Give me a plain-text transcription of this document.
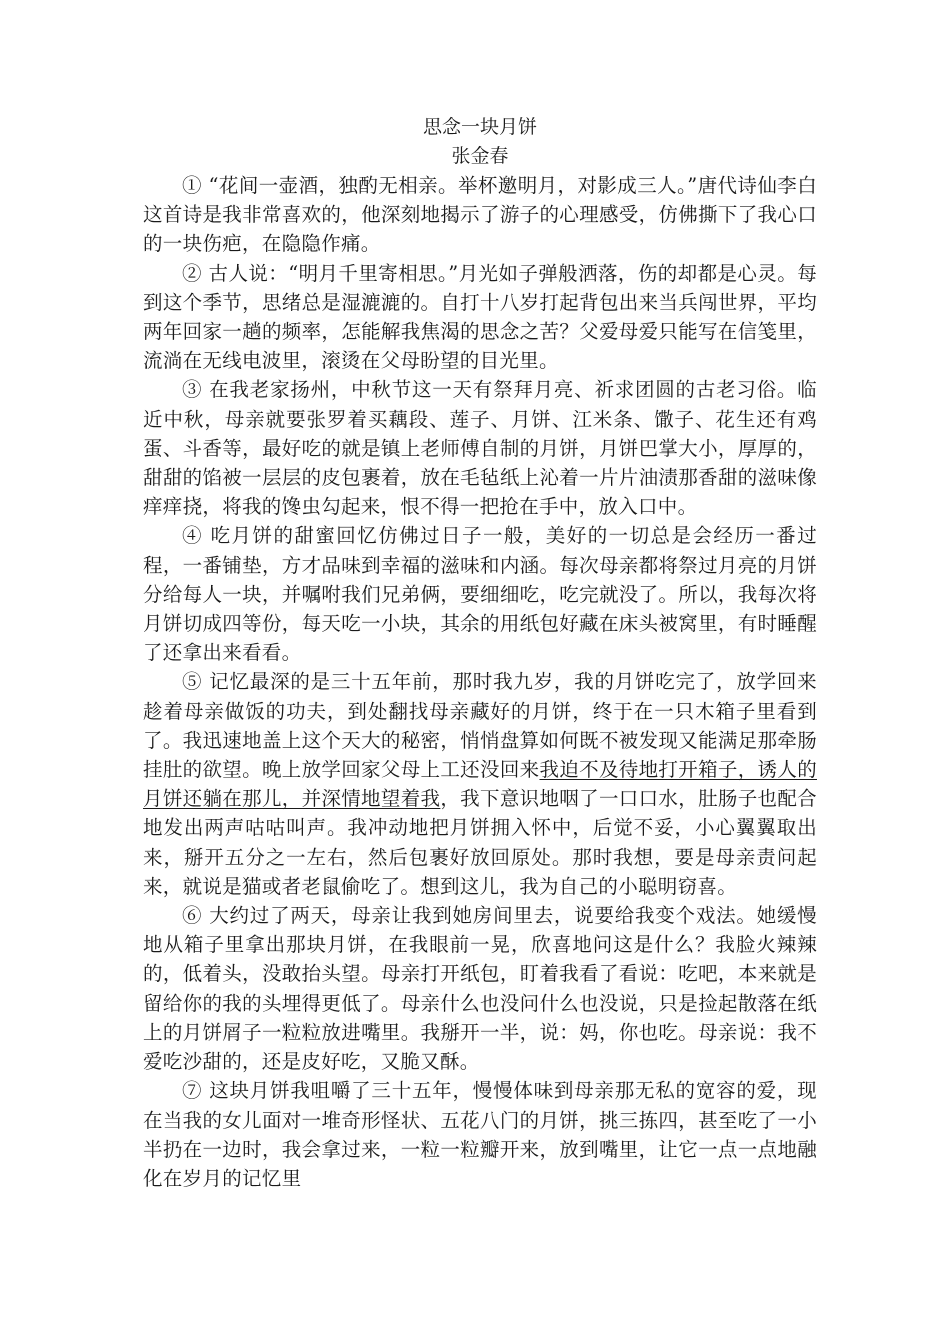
思念一块月饼
张金春

① “花间一壶酒，独酌无相亲。举杯邀明月，对影成三人。”唐代诗仙李白这首诗是我非常喜欢的，他深刻地揭示了游子的心理感受，仿佛撕下了我心口的一块伤疤，在隐隐作痛。

② 古人说：“明月千里寄相思。”月光如子弹般洒落，伤的却都是心灵。每到这个季节，思绪总是湿漉漉的。自打十八岁打起背包出来当兵闯世界，平均两年回家一趟的频率，怎能解我焦渴的思念之苦？父爱母爱只能写在信笺里，流淌在无线电波里，滚烫在父母盼望的目光里。

③ 在我老家扬州，中秋节这一天有祭拜月亮、祈求团圆的古老习俗。临近中秋，母亲就要张罗着买藕段、莲子、月饼、江米条、馓子、花生还有鸡蛋、斗香等，最好吃的就是镇上老师傅自制的月饼，月饼巴掌大小，厚厚的，甜甜的馅被一层层的皮包裹着，放在毛毡纸上沁着一片片油渍那香甜的滋味像痒痒挠，将我的馋虫勾起来，恨不得一把抢在手中，放入口中。

④ 吃月饼的甜蜜回忆仿佛过日子一般，美好的一切总是会经历一番过程，一番铺垫，方才品味到幸福的滋味和内涵。每次母亲都将祭过月亮的月饼分给每人一块，并嘱咐我们兄弟俩，要细细吃，吃完就没了。所以，我每次将月饼切成四等份，每天吃一小块，其余的用纸包好藏在床头被窝里，有时睡醒了还拿出来看看。

⑤ 记忆最深的是三十五年前，那时我九岁，我的月饼吃完了，放学回来趁着母亲做饭的功夫，到处翻找母亲藏好的月饼，终于在一只木箱子里看到了。我迅速地盖上这个天大的秘密，悄悄盘算如何既不被发现又能满足那牵肠挂肚的欲望。晚上放学回家父母上工还没回来我迫不及待地打开箱子，诱人的月饼还躺在那儿，并深情地望着我，我下意识地咽了一口口水，肚肠子也配合地发出两声咕咕叫声。我冲动地把月饼拥入怀中，后觉不妥，小心翼翼取出来，掰开五分之一左右，然后包裹好放回原处。那时我想，要是母亲责问起来，就说是猫或者老鼠偷吃了。想到这儿，我为自己的小聪明窃喜。

⑥ 大约过了两天，母亲让我到她房间里去，说要给我变个戏法。她缓慢地从箱子里拿出那块月饼，在我眼前一晃，欣喜地问这是什么？我脸火辣辣的，低着头，没敢抬头望。母亲打开纸包，盯着我看了看说：吃吧，本来就是留给你的我的头埋得更低了。母亲什么也没问什么也没说，只是捡起散落在纸上的月饼屑子一粒粒放进嘴里。我掰开一半，说：妈，你也吃。母亲说：我不爱吃沙甜的，还是皮好吃，又脆又酥。

⑦ 这块月饼我咀嚼了三十五年，慢慢体味到母亲那无私的宽容的爱，现在当我的女儿面对一堆奇形怪状、五花八门的月饼，挑三拣四，甚至吃了一小半扔在一边时，我会拿过来，一粒一粒瓣开来，放到嘴里，让它一点一点地融化在岁月的记忆里
